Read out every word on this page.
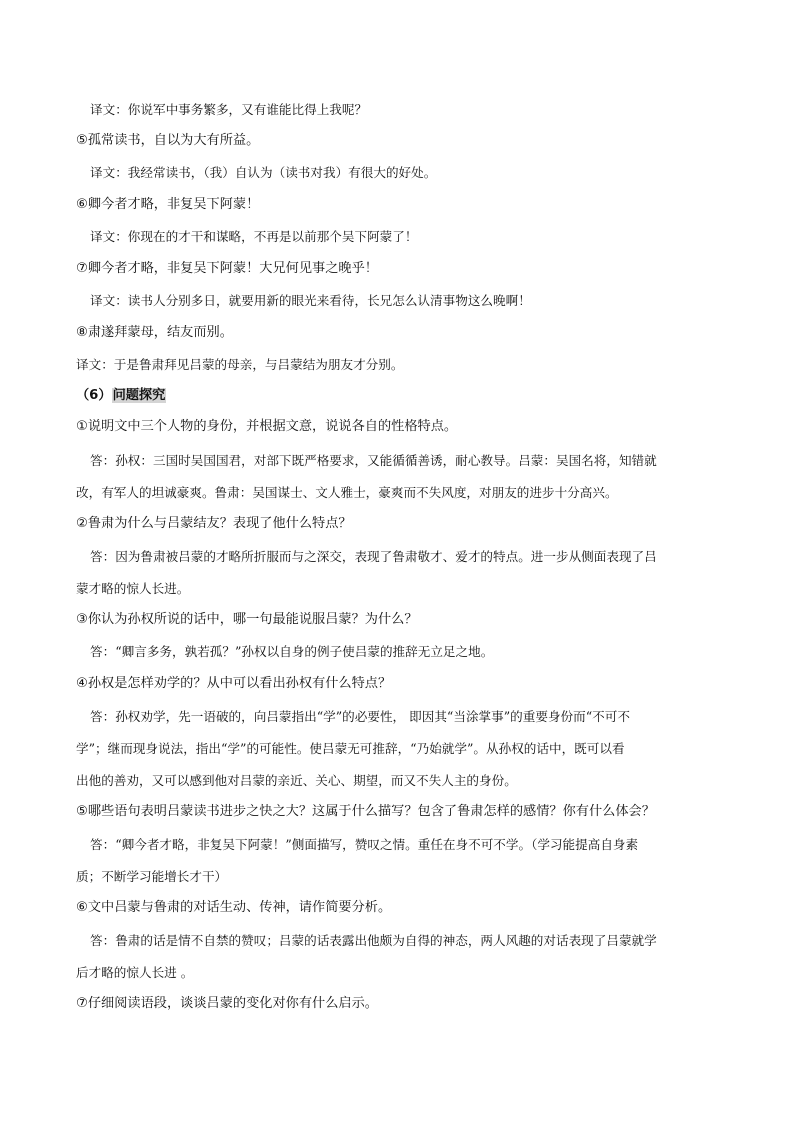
译文：你说军中事务繁多，又有谁能比得上我呢？
⑤孤常读书，自以为大有所益。
译文：我经常读书，（我）自认为（读书对我）有很大的好处。
⑥卿今者才略，非复吴下阿蒙！
译文：你现在的才干和谋略，不再是以前那个吴下阿蒙了！
⑦卿今者才略，非复吴下阿蒙！大兄何见事之晚乎！
译文：读书人分别多日，就要用新的眼光来看待，长兄怎么认清事物这么晚啊！
⑧肃遂拜蒙母，结友而别。
译文：于是鲁肃拜见吕蒙的母亲，与吕蒙结为朋友才分别。
（6）问题探究
①说明文中三个人物的身份，并根据文意，说说各自的性格特点。
答：孙权：三国时吴国国君，对部下既严格要求，又能循循善诱，耐心教导。吕蒙：吴国名将，知错就
改，有军人的坦诚豪爽。鲁肃：吴国谋士、文人雅士，豪爽而不失风度，对朋友的进步十分高兴。
②鲁肃为什么与吕蒙结友？表现了他什么特点？
答：因为鲁肃被吕蒙的才略所折服而与之深交，表现了鲁肃敬才、爱才的特点。进一步从侧面表现了吕
蒙才略的惊人长进。
③你认为孙权所说的话中，哪一句最能说服吕蒙？为什么？
答：“卿言多务，孰若孤？”孙权以自身的例子使吕蒙的推辞无立足之地。
④孙权是怎样劝学的？从中可以看出孙权有什么特点？
答：孙权劝学，先一语破的，向吕蒙指出“学”的必要性， 即因其“当涂掌事”的重要身份而“不可不
学”；继而现身说法，指出“学”的可能性。使吕蒙无可推辞，“乃始就学”。从孙权的话中，既可以看
出他的善劝，又可以感到他对吕蒙的亲近、关心、期望，而又不失人主的身份。
⑤哪些语句表明吕蒙读书进步之快之大？这属于什么描写？包含了鲁肃怎样的感情？你有什么体会？
答：“卿今者才略，非复吴下阿蒙！”侧面描写，赞叹之情。重任在身不可不学。（学习能提高自身素
质；不断学习能增长才干）
⑥文中吕蒙与鲁肃的对话生动、传神，请作简要分析。
答：鲁肃的话是情不自禁的赞叹；吕蒙的话表露出他颇为自得的神态，两人风趣的对话表现了吕蒙就学
后才略的惊人长进 。
⑦仔细阅读语段，谈谈吕蒙的变化对你有什么启示。
